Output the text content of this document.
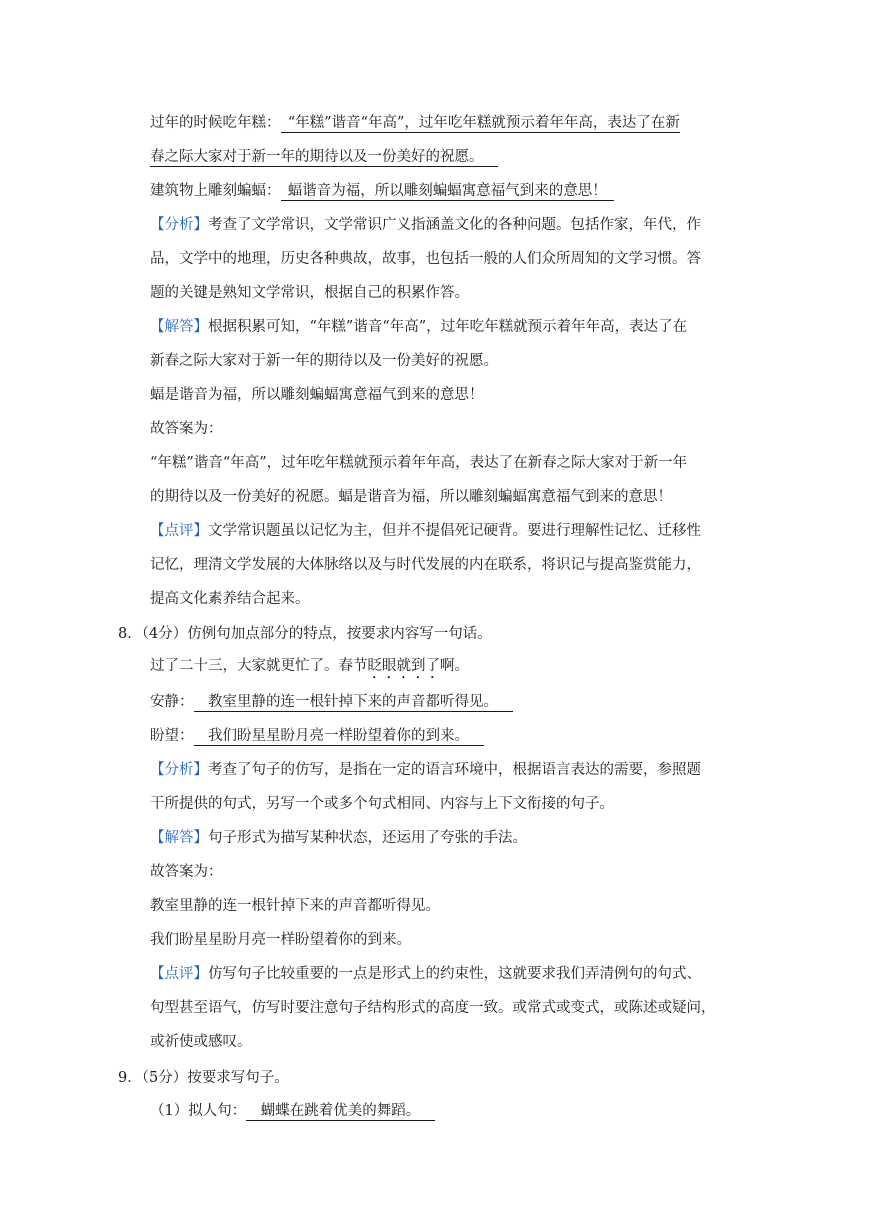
过年的时候吃年糕：  “年糕”谐音“年高”，过年吃年糕就预示着年年高，表达了在新
春之际大家对于新一年的期待以及一份美好的祝愿。  
建筑物上雕刻蝙蝠：  蝠谐音为福，所以雕刻蝙蝠寓意福气到来的意思！ 
【分析】考查了文学常识，文学常识广义指涵盖文化的各种问题。包括作家，年代，作
品，文学中的地理，历史各种典故，故事，也包括一般的人们众所周知的文学习惯。答
题的关键是熟知文学常识，根据自己的积累作答。
【解答】根据积累可知，“年糕”谐音“年高”，过年吃年糕就预示着年年高，表达了在
新春之际大家对于新一年的期待以及一份美好的祝愿。
蝠是谐音为福，所以雕刻蝙蝠寓意福气到来的意思！
故答案为：
“年糕”谐音“年高”，过年吃年糕就预示着年年高，表达了在新春之际大家对于新一年
的期待以及一份美好的祝愿。蝠是谐音为福，所以雕刻蝙蝠寓意福气到来的意思！
【点评】文学常识题虽以记忆为主，但并不提倡死记硬背。要进行理解性记忆、迁移性
记忆，理清文学发展的大体脉络以及与时代发展的内在联系，将识记与提高鉴赏能力，
提高文化素养结合起来。
8．（4分）仿例句加点部分的特点，按要求内容写一句话。
过了二十三，大家就更忙了。春节眨眼就到了啊。
安静：   教室里静的连一根针掉下来的声音都听得见。  
盼望：   我们盼星星盼月亮一样盼望着你的到来。  
【分析】考查了句子的仿写，是指在一定的语言环境中，根据语言表达的需要，参照题
干所提供的句式，另写一个或多个句式相同、内容与上下文衔接的句子。
【解答】句子形式为描写某种状态，还运用了夸张的手法。
故答案为：
教室里静的连一根针掉下来的声音都听得见。
我们盼星星盼月亮一样盼望着你的到来。
【点评】仿写句子比较重要的一点是形式上的约束性，这就要求我们弄清例句的句式、
句型甚至语气，仿写时要注意句子结构形式的高度一致。或常式或变式，或陈述或疑问，
或祈使或感叹。
9．（5分）按要求写句子。
（1）拟人句：   蝴蝶在跳着优美的舞蹈。  
